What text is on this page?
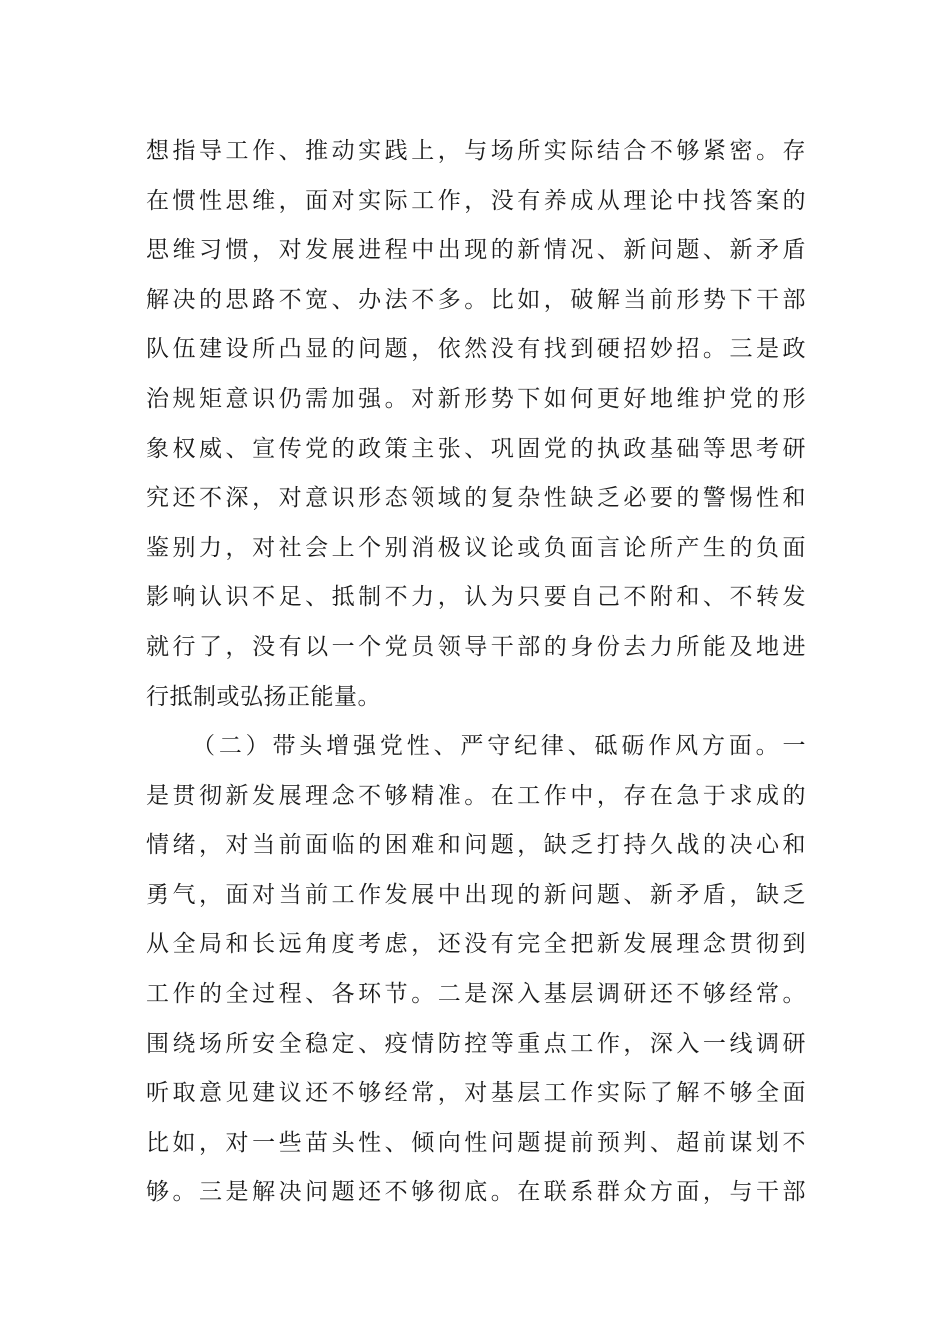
想指导工作、推动实践上，与场所实际结合不够紧密。存
在惯性思维，面对实际工作，没有养成从理论中找答案的
思维习惯，对发展进程中出现的新情况、新问题、新矛盾
解决的思路不宽、办法不多。比如，破解当前形势下干部
队伍建设所凸显的问题，依然没有找到硬招妙招。三是政
治规矩意识仍需加强。对新形势下如何更好地维护党的形
象权威、宣传党的政策主张、巩固党的执政基础等思考研
究还不深，对意识形态领域的复杂性缺乏必要的警惕性和
鉴别力，对社会上个别消极议论或负面言论所产生的负面
影响认识不足、抵制不力，认为只要自己不附和、不转发
就行了，没有以一个党员领导干部的身份去力所能及地进
行抵制或弘扬正能量。
（二）带头增强党性、严守纪律、砥砺作风方面。一
是贯彻新发展理念不够精准。在工作中，存在急于求成的
情绪，对当前面临的困难和问题，缺乏打持久战的决心和
勇气，面对当前工作发展中出现的新问题、新矛盾，缺乏
从全局和长远角度考虑，还没有完全把新发展理念贯彻到
工作的全过程、各环节。二是深入基层调研还不够经常。
围绕场所安全稳定、疫情防控等重点工作，深入一线调研
听取意见建议还不够经常，对基层工作实际了解不够全面
比如，对一些苗头性、倾向性问题提前预判、超前谋划不
够。三是解决问题还不够彻底。在联系群众方面，与干部
